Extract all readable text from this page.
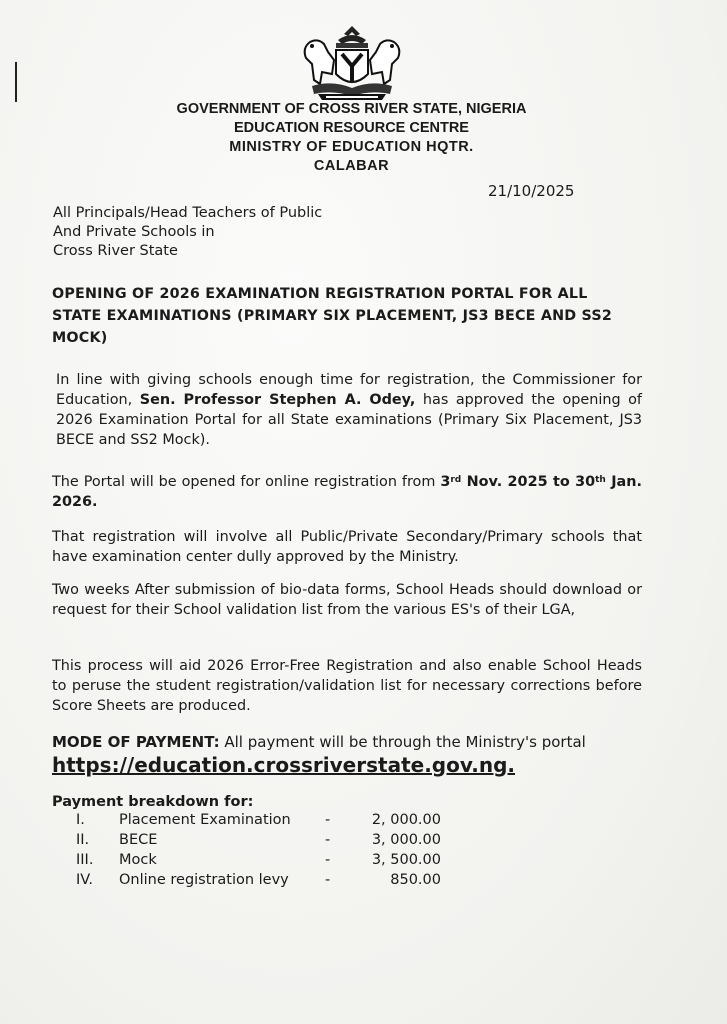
GOVERNMENT OF CROSS RIVER STATE, NIGERIA
EDUCATION RESOURCE CENTRE
MINISTRY OF EDUCATION HQTR.
CALABAR
21/10/2025
All Principals/Head Teachers of Public
And Private Schools in
Cross River State
OPENING OF 2026 EXAMINATION REGISTRATION PORTAL FOR ALL STATE EXAMINATIONS (PRIMARY SIX PLACEMENT, JS3 BECE AND SS2 MOCK)
In line with giving schools enough time for registration, the Commissioner for Education, Sen. Professor Stephen A. Odey, has approved the opening of 2026 Examination Portal for all State examinations (Primary Six Placement, JS3 BECE and SS2 Mock).
The Portal will be opened for online registration from 3rd Nov. 2025 to 30th Jan. 2026.
That registration will involve all Public/Private Secondary/Primary schools that have examination center dully approved by the Ministry.
Two weeks After submission of bio-data forms, School Heads should download or request for their School validation list from the various ES's of their LGA,
This process will aid 2026 Error-Free Registration and also enable School Heads to peruse the student registration/validation list for necessary corrections before Score Sheets are produced.
MODE OF PAYMENT: All payment will be through the Ministry's portal
https://education.crossriverstate.gov.ng.
Payment breakdown for:
I. Placement Examination -	2, 000.00
II. BECE	-	3, 000.00
III. Mock	-	3, 500.00
IV. Online registration levy -	850.00
